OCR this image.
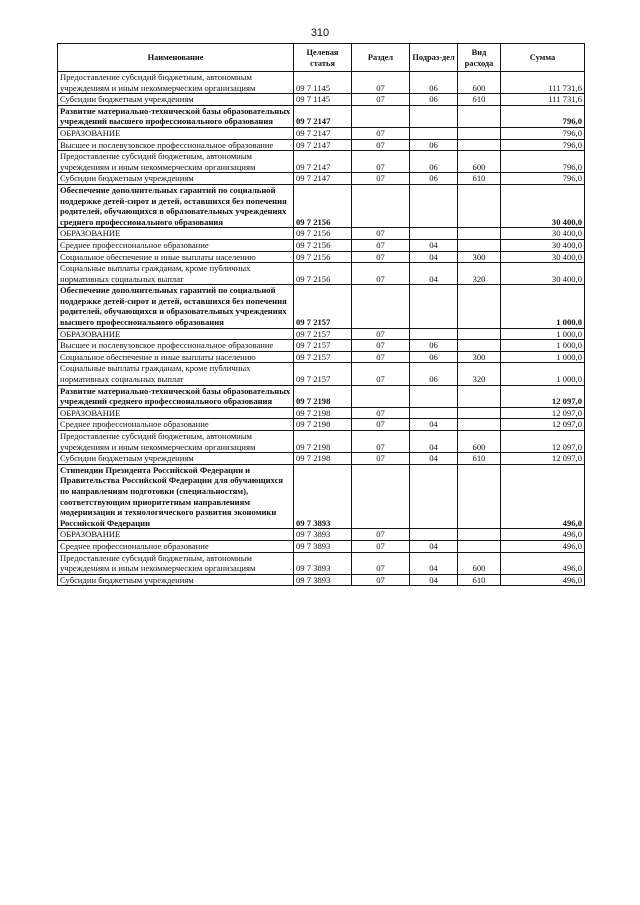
310
Наименование	Целевая статья	Раздел	Подраз-дел	Вид расхода	Сумма
Предоставление субсидий бюджетным, автономным учреждениям и иным некоммерческим организациям	09 7 1145	07	06	600	111 731,6
Субсидии бюджетным учреждениям	09 7 1145	07	06	610	111 731,6
Развитие материально-технической базы образовательных учреждений высшего профессионального образования	09 7 2147				796,0
ОБРАЗОВАНИЕ	09 7 2147	07			796,0
Высшее и послевузовское профессиональное образование	09 7 2147	07	06		796,0
Предоставление субсидий бюджетным, автономным учреждениям и иным некоммерческим организациям	09 7 2147	07	06	600	796,0
Субсидии бюджетным учреждениям	09 7 2147	07	06	610	796,0
Обеспечение дополнительных гарантий по социальной поддержке детей-сирот и детей, оставшихся без попечения родителей, обучающихся в образовательных учреждениях среднего профессионального образования	09 7 2156				30 400,0
ОБРАЗОВАНИЕ	09 7 2156	07			30 400,0
Среднее профессиональное образование	09 7 2156	07	04		30 400,0
Социальное обеспечение и иные выплаты населению	09 7 2156	07	04	300	30 400,0
Социальные выплаты гражданам, кроме публичных нормативных социальных выплат	09 7 2156	07	04	320	30 400,0
Обеспечение дополнительных гарантий по социальной поддержке детей-сирот и детей, оставшихся без попечения родителей, обучающихся и образовательных учреждениях высшего профессионального образования	09 7 2157				1 000,0
ОБРАЗОВАНИЕ	09 7 2157	07			1 000,0
Высшее и послевузовское профессиональное образование	09 7 2157	07	06		1 000,0
Социальное обеспечение и иные выплаты населению	09 7 2157	07	06	300	1 000,0
Социальные выплаты гражданам, кроме публичных нормативных социальных выплат	09 7 2157	07	06	320	1 000,0
Развитие материально-технической базы образовательных учреждений среднего профессионального образования	09 7 2198				12 097,0
ОБРАЗОВАНИЕ	09 7 2198	07			12 097,0
Среднее профессиональное образование	09 7 2198	07	04		12 097,0
Предоставление субсидий бюджетным, автономным учреждениям и иным некоммерческим организациям	09 7 2198	07	04	600	12 097,0
Субсидии бюджетным учреждениям	09 7 2198	07	04	610	12 097,0
Стипендии Президента Российской Федерации и Правительства Российской Федерации для обучающихся по направлениям подготовки (специальностям), соответствующим приоритетным направлениям модернизации и технологического развития экономики Российской Федерации	09 7 3893				496,0
ОБРАЗОВАНИЕ	09 7 3893	07			496,0
Среднее профессиональное образование	09 7 3893	07	04		496,0
Предоставление субсидий бюджетным, автономным учреждениям и иным некоммерческим организациям	09 7 3893	07	04	600	496,0
Субсидии бюджетным учреждениям	09 7 3893	07	04	610	496,0
